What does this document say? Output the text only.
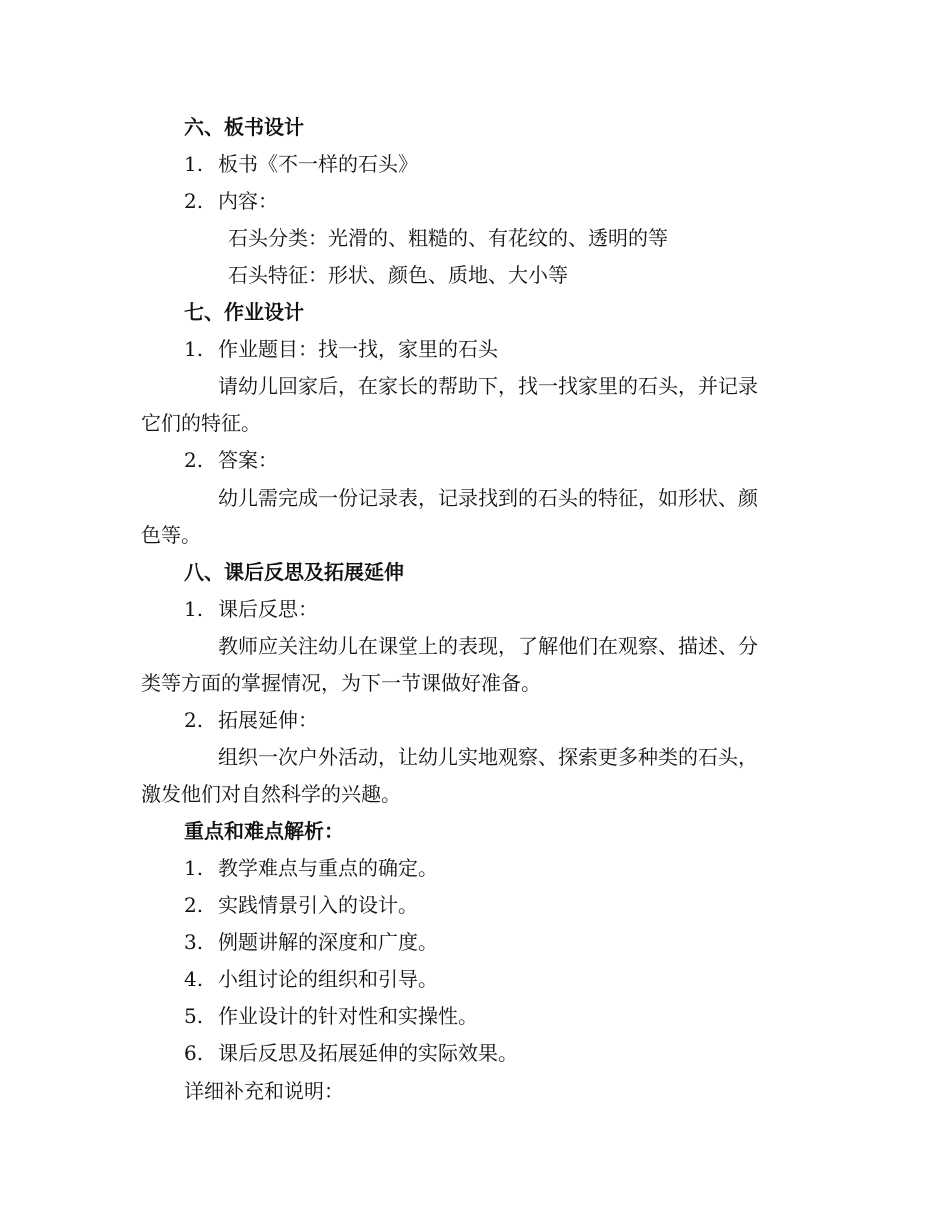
六、板书设计
1. 板书《不一样的石头》
2. 内容：
石头分类：光滑的、粗糙的、有花纹的、透明的等
石头特征：形状、颜色、质地、大小等
七、作业设计
1. 作业题目：找一找，家里的石头
请幼儿回家后，在家长的帮助下，找一找家里的石头，并记录
它们的特征。
2. 答案：
幼儿需完成一份记录表，记录找到的石头的特征，如形状、颜
色等。
八、课后反思及拓展延伸
1. 课后反思：
教师应关注幼儿在课堂上的表现，了解他们在观察、描述、分
类等方面的掌握情况，为下一节课做好准备。
2. 拓展延伸：
组织一次户外活动，让幼儿实地观察、探索更多种类的石头，
激发他们对自然科学的兴趣。
重点和难点解析：
1. 教学难点与重点的确定。
2. 实践情景引入的设计。
3. 例题讲解的深度和广度。
4. 小组讨论的组织和引导。
5. 作业设计的针对性和实操性。
6. 课后反思及拓展延伸的实际效果。
详细补充和说明：
